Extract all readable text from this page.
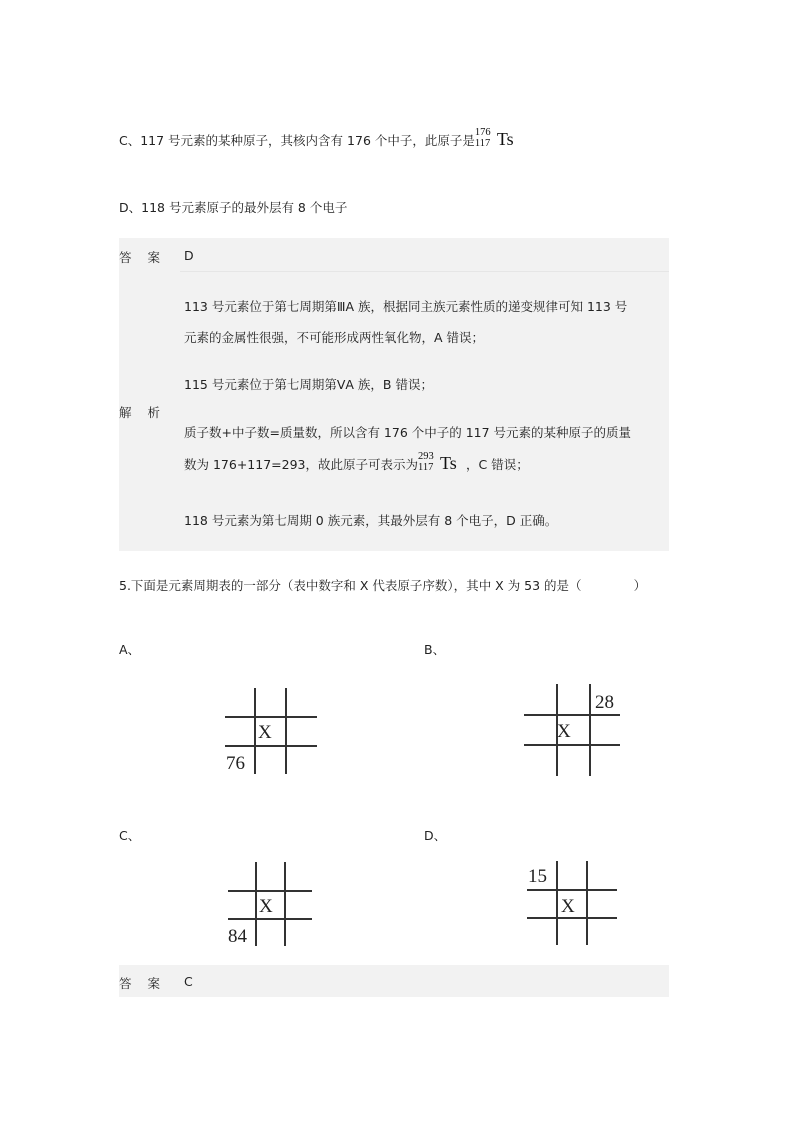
C、117 号元素的某种原子，其核内含有 176 个中子，此原子是
176
117 Ts
D、118 号元素原子的最外层有 8 个电子
答案 D
解析
113 号元素位于第七周期第ⅢA 族，根据同主族元素性质的递变规律可知 113 号
元素的金属性很强，不可能形成两性氧化物，A 错误；
115 号元素位于第七周期第ⅤA 族，B 错误；
质子数+中子数=质量数，所以含有 176 个中子的 117 号元素的某种原子的质量
数为 176+117=293，故此原子可表示为
293
117 Ts ，C 错误；
118 号元素为第七周期 0 族元素，其最外层有 8 个电子，D 正确。
5.下面是元素周期表的一部分（表中数字和 X 代表原子序数），其中 X 为 53 的是（	）
A、	B、
C、	D、
X
76
28
X
X
84
15
X
答案 C
